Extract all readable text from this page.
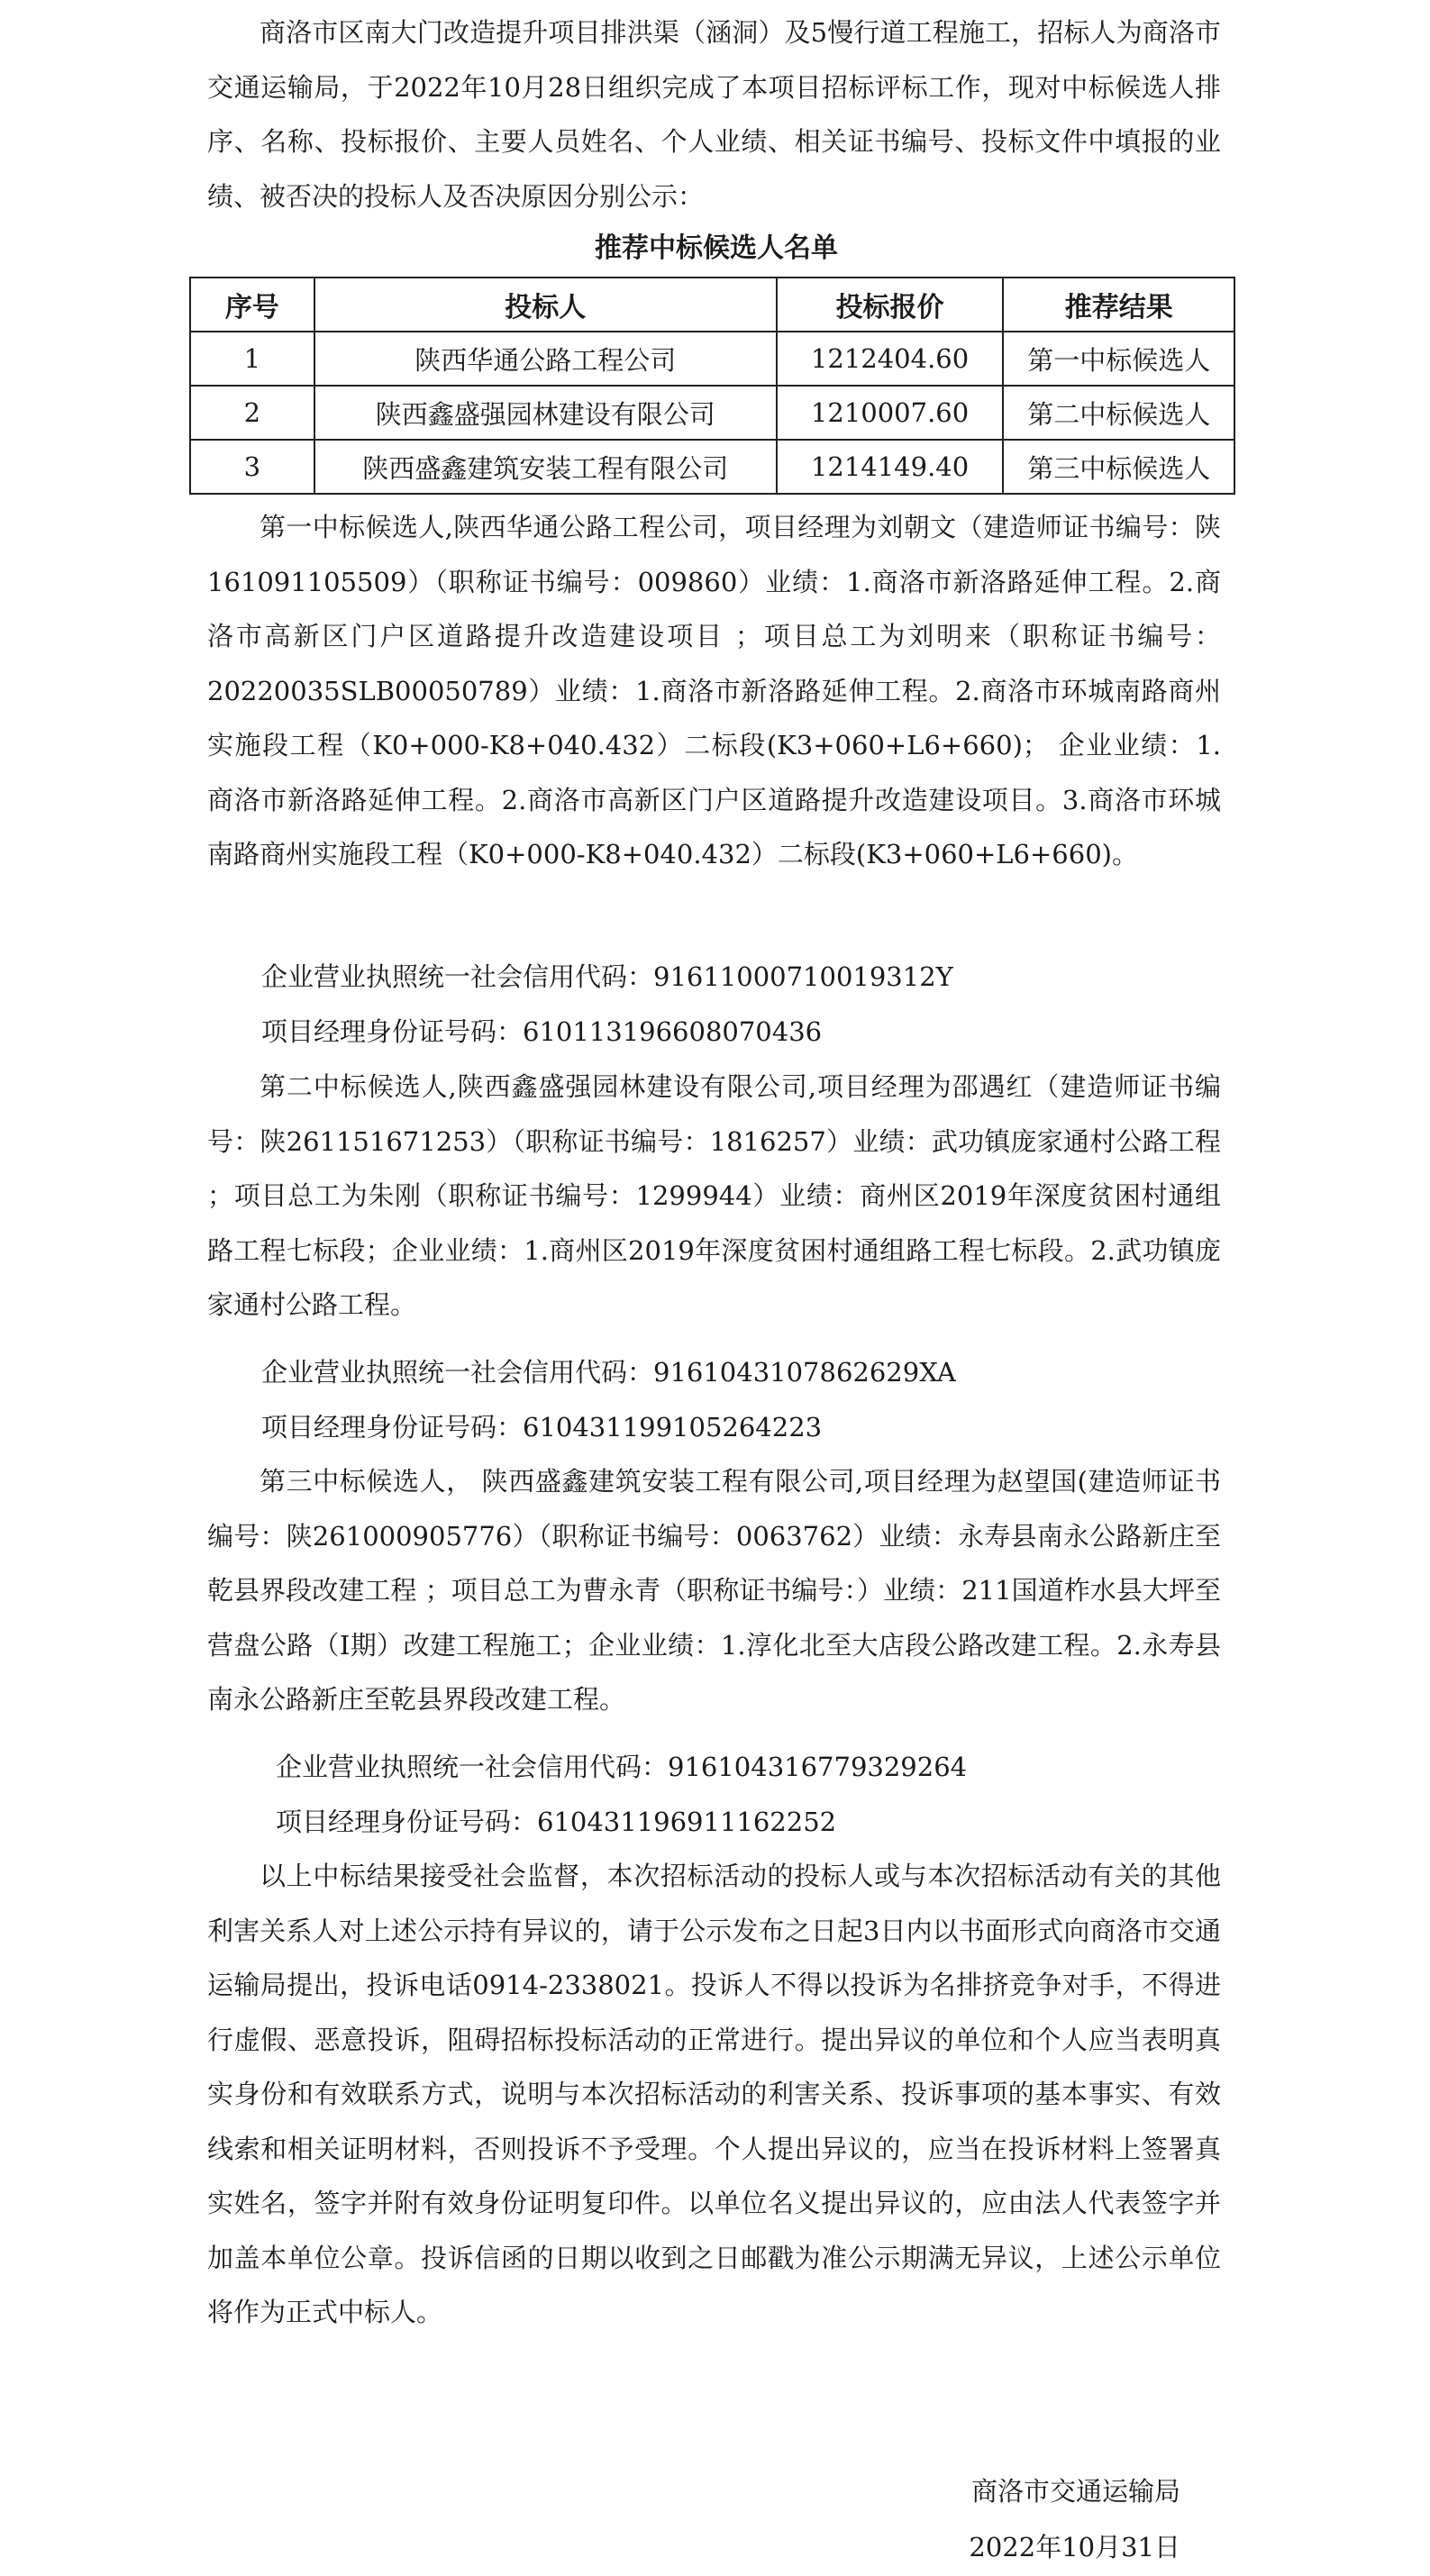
商洛市区南大门改造提升项目排洪渠（涵洞）及5慢行道工程施工，招标人为商洛市交通运输局，于2022年10月28日组织完成了本项目招标评标工作，现对中标候选人排序、名称、投标报价、主要人员姓名、个人业绩、相关证书编号、投标文件中填报的业绩、被否决的投标人及否决原因分别公示：

推荐中标候选人名单

序号	投标人	投标报价	推荐结果
1	陕西华通公路工程公司	1212404.60	第一中标候选人
2	陕西鑫盛强园林建设有限公司	1210007.60	第二中标候选人
3	陕西盛鑫建筑安装工程有限公司	1214149.40	第三中标候选人

第一中标候选人,陕西华通公路工程公司，项目经理为刘朝文（建造师证书编号：陕161091105509）（职称证书编号：009860）业绩：1.商洛市新洛路延伸工程。2.商洛市高新区门户区道路提升改造建设项目 ；项目总工为刘明来（职称证书编号：20220035SLB00050789）业绩：1.商洛市新洛路延伸工程。2.商洛市环城南路商州实施段工程（K0+000-K8+040.432）二标段(K3+060+L6+660)； 企业业绩：1.商洛市新洛路延伸工程。2.商洛市高新区门户区道路提升改造建设项目。3.商洛市环城南路商州实施段工程（K0+000-K8+040.432）二标段(K3+060+L6+660)。

企业营业执照统一社会信用代码：91611000710019312Y

项目经理身份证号码：610113196608070436

第二中标候选人,陕西鑫盛强园林建设有限公司,项目经理为邵遇红（建造师证书编号：陕261151671253）（职称证书编号：1816257）业绩：武功镇庞家通村公路工程 ；项目总工为朱刚（职称证书编号：1299944）业绩：商州区2019年深度贫困村通组路工程七标段；企业业绩：1.商州区2019年深度贫困村通组路工程七标段。2.武功镇庞家通村公路工程。

企业营业执照统一社会信用代码：9161043107862629XA

项目经理身份证号码：610431199105264223

第三中标候选人， 陕西盛鑫建筑安装工程有限公司,项目经理为赵望国(建造师证书编号：陕261000905776）（职称证书编号：0063762）业绩：永寿县南永公路新庄至乾县界段改建工程 ；项目总工为曹永青（职称证书编号：）业绩：211国道柞水县大坪至营盘公路（Ⅰ期）改建工程施工；企业业绩：1.淳化北至大店段公路改建工程。2.永寿县南永公路新庄至乾县界段改建工程。

企业营业执照统一社会信用代码：916104316779329264

项目经理身份证号码：610431196911162252

以上中标结果接受社会监督，本次招标活动的投标人或与本次招标活动有关的其他利害关系人对上述公示持有异议的，请于公示发布之日起3日内以书面形式向商洛市交通运输局提出，投诉电话0914-2338021。投诉人不得以投诉为名排挤竞争对手，不得进行虚假、恶意投诉，阻碍招标投标活动的正常进行。提出异议的单位和个人应当表明真实身份和有效联系方式，说明与本次招标活动的利害关系、投诉事项的基本事实、有效线索和相关证明材料，否则投诉不予受理。个人提出异议的，应当在投诉材料上签署真实姓名，签字并附有效身份证明复印件。以单位名义提出异议的，应由法人代表签字并加盖本单位公章。投诉信函的日期以收到之日邮戳为准公示期满无异议，上述公示单位将作为正式中标人。

商洛市交通运输局

2022年10月31日
